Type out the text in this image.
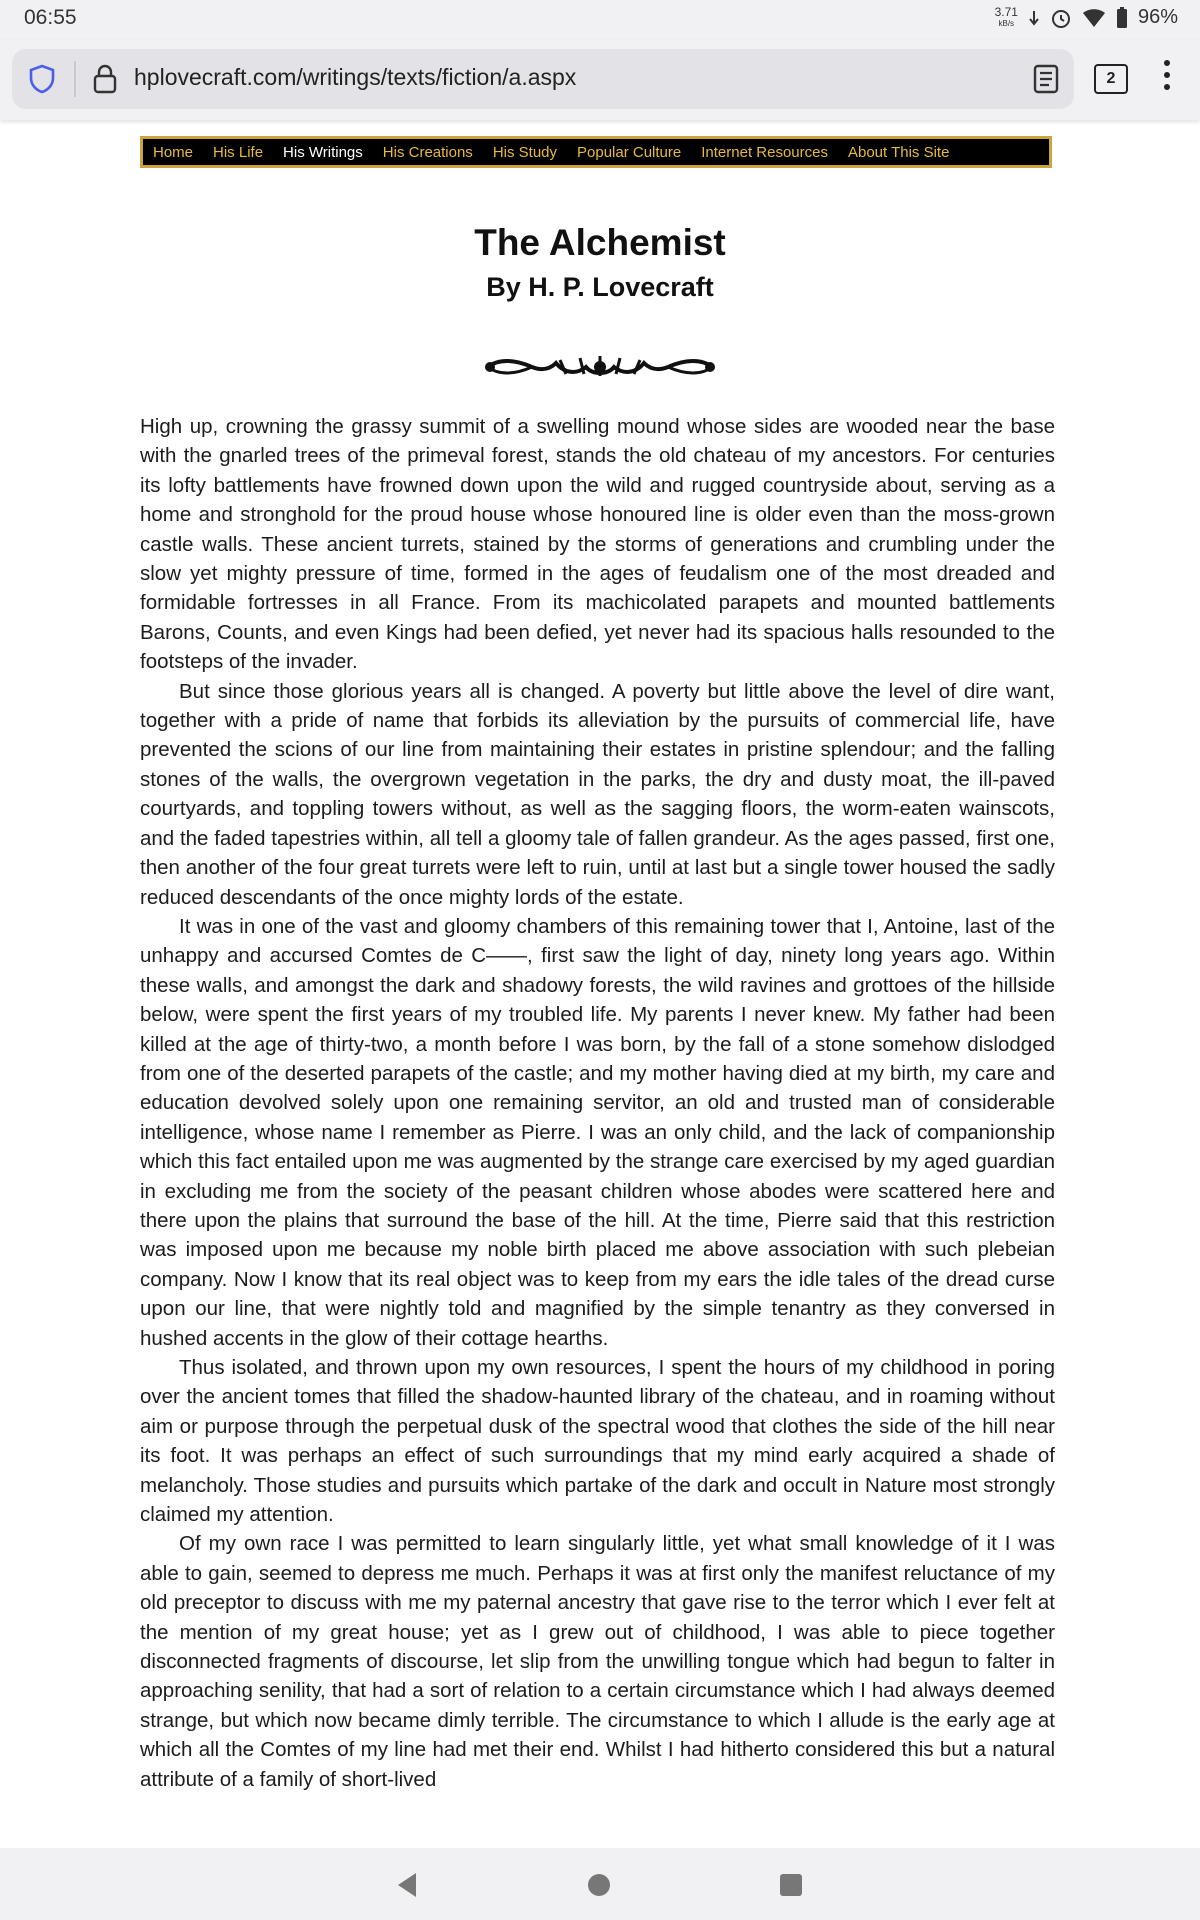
06:55	3.71
kB/s	96%
hplovecraft.com/writings/texts/fiction/a.aspx	2
Home	His Life	His Writings	His Creations	His Study	Popular Culture	Internet Resources	About This Site
The Alchemist
By H. P. Lovecraft

High up, crowning the grassy summit of a swelling mound whose sides are wooded near the base with the gnarled trees of the primeval forest, stands the old chateau of my ancestors. For centuries its lofty battlements have frowned down upon the wild and rugged countryside about, serving as a home and stronghold for the proud house whose honoured line is older even than the moss-grown castle walls. These ancient turrets, stained by the storms of generations and crumbling under the slow yet mighty pressure of time, formed in the ages of feudalism one of the most dreaded and formidable fortresses in all France. From its machicolated parapets and mounted battlements Barons, Counts, and even Kings had been defied, yet never had its spacious halls resounded to the footsteps of the invader.

But since those glorious years all is changed. A poverty but little above the level of dire want, together with a pride of name that forbids its alleviation by the pursuits of commercial life, have prevented the scions of our line from maintaining their estates in pristine splendour; and the falling stones of the walls, the overgrown vegetation in the parks, the dry and dusty moat, the ill-paved courtyards, and toppling towers without, as well as the sagging floors, the worm-eaten wainscots, and the faded tapestries within, all tell a gloomy tale of fallen grandeur. As the ages passed, first one, then another of the four great turrets were left to ruin, until at last but a single tower housed the sadly reduced descendants of the once mighty lords of the estate.

It was in one of the vast and gloomy chambers of this remaining tower that I, Antoine, last of the unhappy and accursed Comtes de C——, first saw the light of day, ninety long years ago. Within these walls, and amongst the dark and shadowy forests, the wild ravines and grottoes of the hillside below, were spent the first years of my troubled life. My parents I never knew. My father had been killed at the age of thirty-two, a month before I was born, by the fall of a stone somehow dislodged from one of the deserted parapets of the castle; and my mother having died at my birth, my care and education devolved solely upon one remaining servitor, an old and trusted man of considerable intelligence, whose name I remember as Pierre. I was an only child, and the lack of companionship which this fact entailed upon me was augmented by the strange care exercised by my aged guardian in excluding me from the society of the peasant children whose abodes were scattered here and there upon the plains that surround the base of the hill. At the time, Pierre said that this restriction was imposed upon me because my noble birth placed me above association with such plebeian company. Now I know that its real object was to keep from my ears the idle tales of the dread curse upon our line, that were nightly told and magnified by the simple tenantry as they conversed in hushed accents in the glow of their cottage hearths.

Thus isolated, and thrown upon my own resources, I spent the hours of my childhood in poring over the ancient tomes that filled the shadow-haunted library of the chateau, and in roaming without aim or purpose through the perpetual dusk of the spectral wood that clothes the side of the hill near its foot. It was perhaps an effect of such surroundings that my mind early acquired a shade of melancholy. Those studies and pursuits which partake of the dark and occult in Nature most strongly claimed my attention.

Of my own race I was permitted to learn singularly little, yet what small knowledge of it I was able to gain, seemed to depress me much. Perhaps it was at first only the manifest reluctance of my old preceptor to discuss with me my paternal ancestry that gave rise to the terror which I ever felt at the mention of my great house; yet as I grew out of childhood, I was able to piece together disconnected fragments of discourse, let slip from the unwilling tongue which had begun to falter in approaching senility, that had a sort of relation to a certain circumstance which I had always deemed strange, but which now became dimly terrible. The circumstance to which I allude is the early age at which all the Comtes of my line had met their end. Whilst I had hitherto considered this but a natural attribute of a family of short-lived
